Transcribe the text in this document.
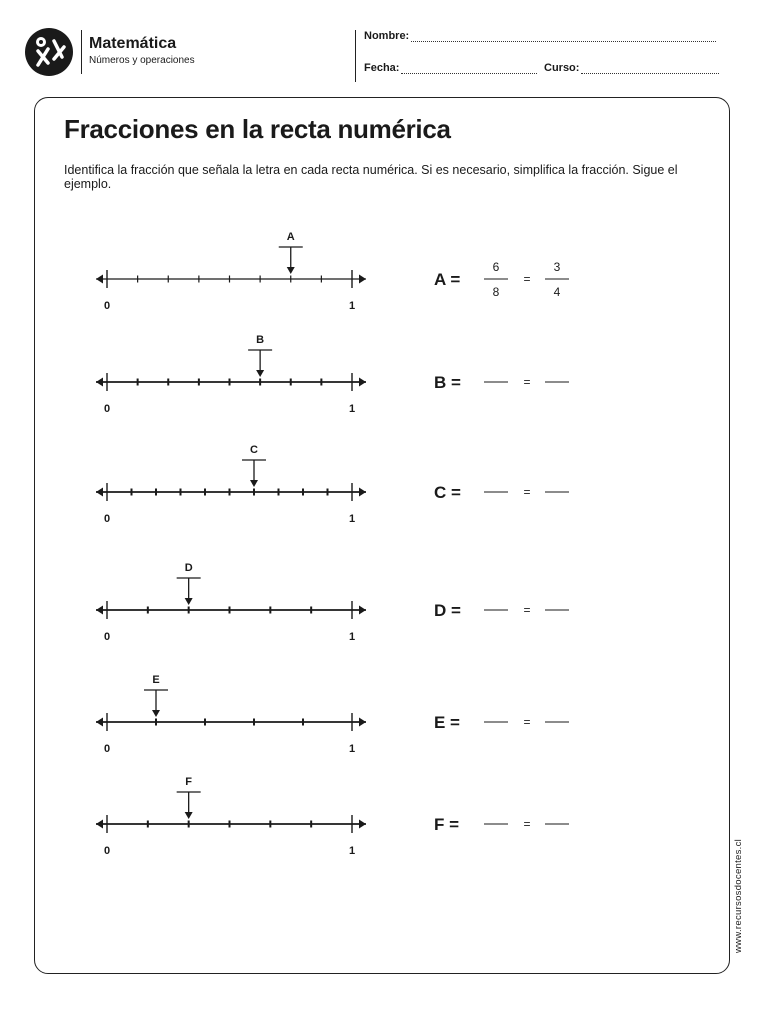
Matemática
Números y operaciones
Nombre:
Fecha:	Curso:
Fracciones en la recta numérica
Identifica la fracción que señala la letra en cada recta numérica. Si es necesario, simplifica la fracción. Sigue el ejemplo.
www.recursosdocentes.cl
0	1
A
A =	=
6
8
3
4
0	1
B
B =	=
0	1
C
C =	=
0	1
D
D =	=
0	1
E
E =	=
0	1
F
F =	=
